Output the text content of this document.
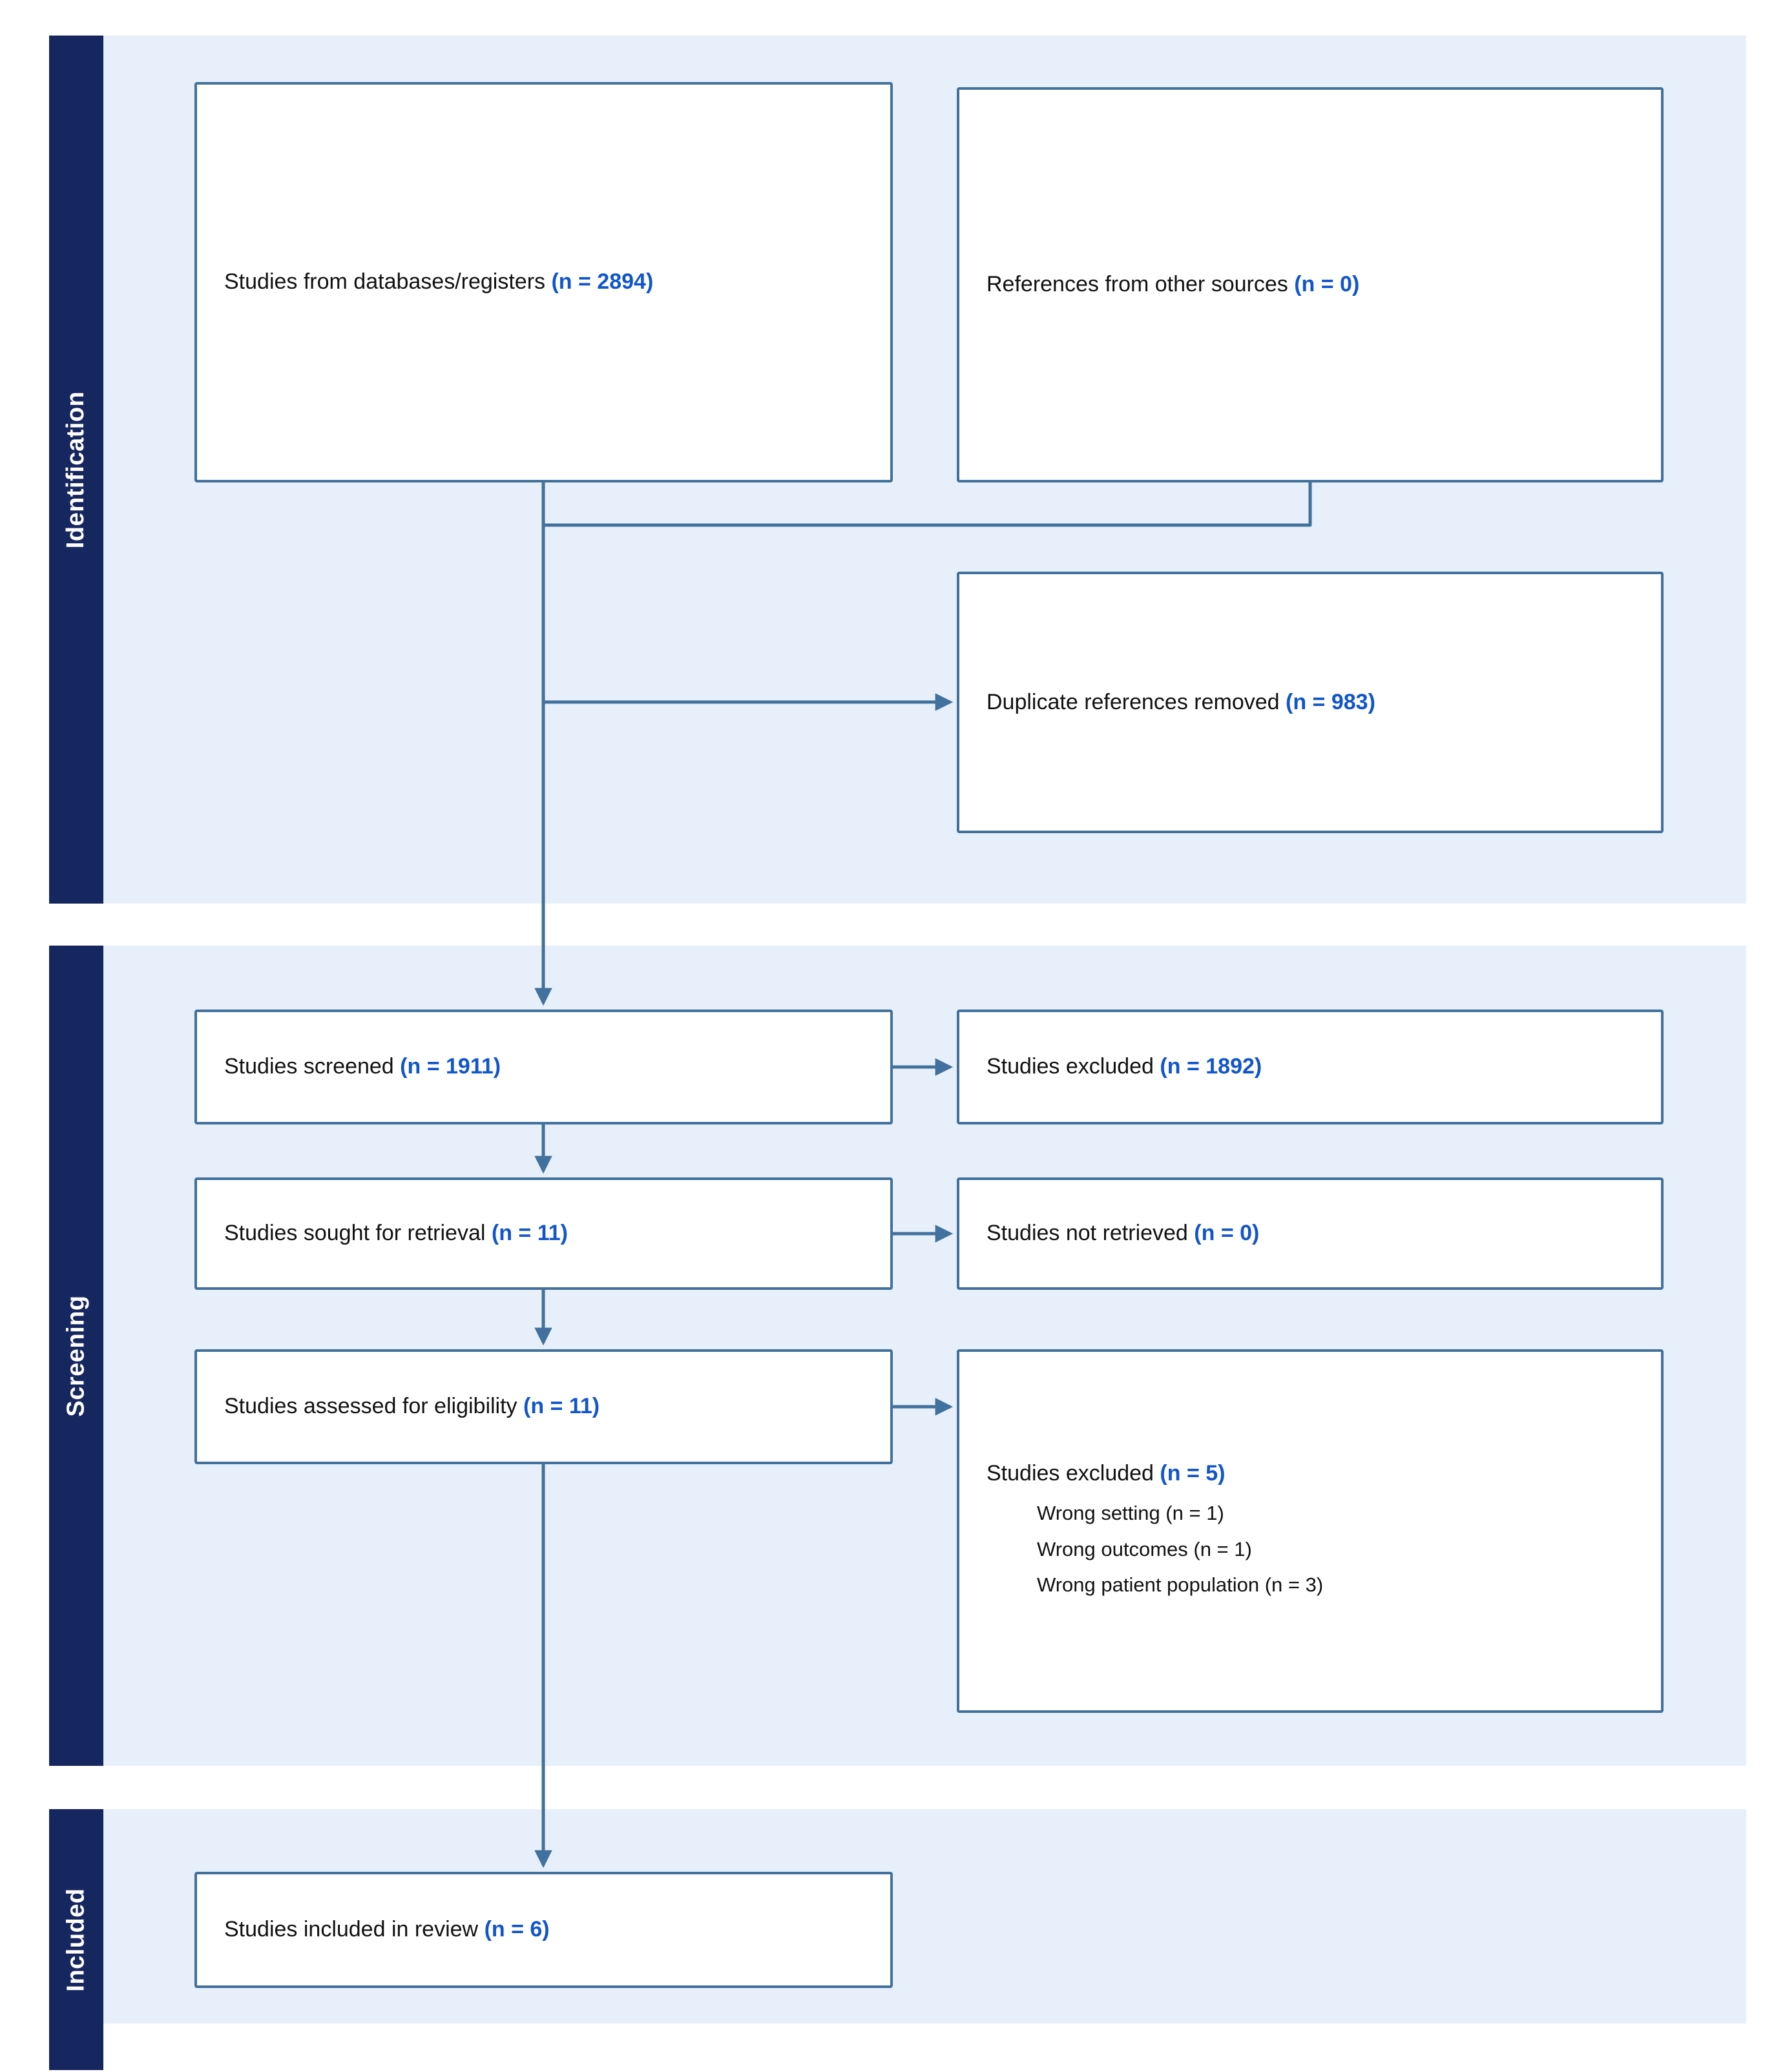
Identification
Screening
Included
Studies from databases/registers (n = 2894)	References from other sources (n = 0)
Duplicate references removed (n = 983)
Studies screened (n = 1911)	Studies excluded (n = 1892)
Studies sought for retrieval (n = 11)	Studies not retrieved (n = 0)
Studies assessed for eligibility (n = 11)
Studies excluded (n = 5)
Wrong setting (n = 1)
Wrong outcomes (n = 1)
Wrong patient population (n = 3)
Studies included in review (n = 6)
